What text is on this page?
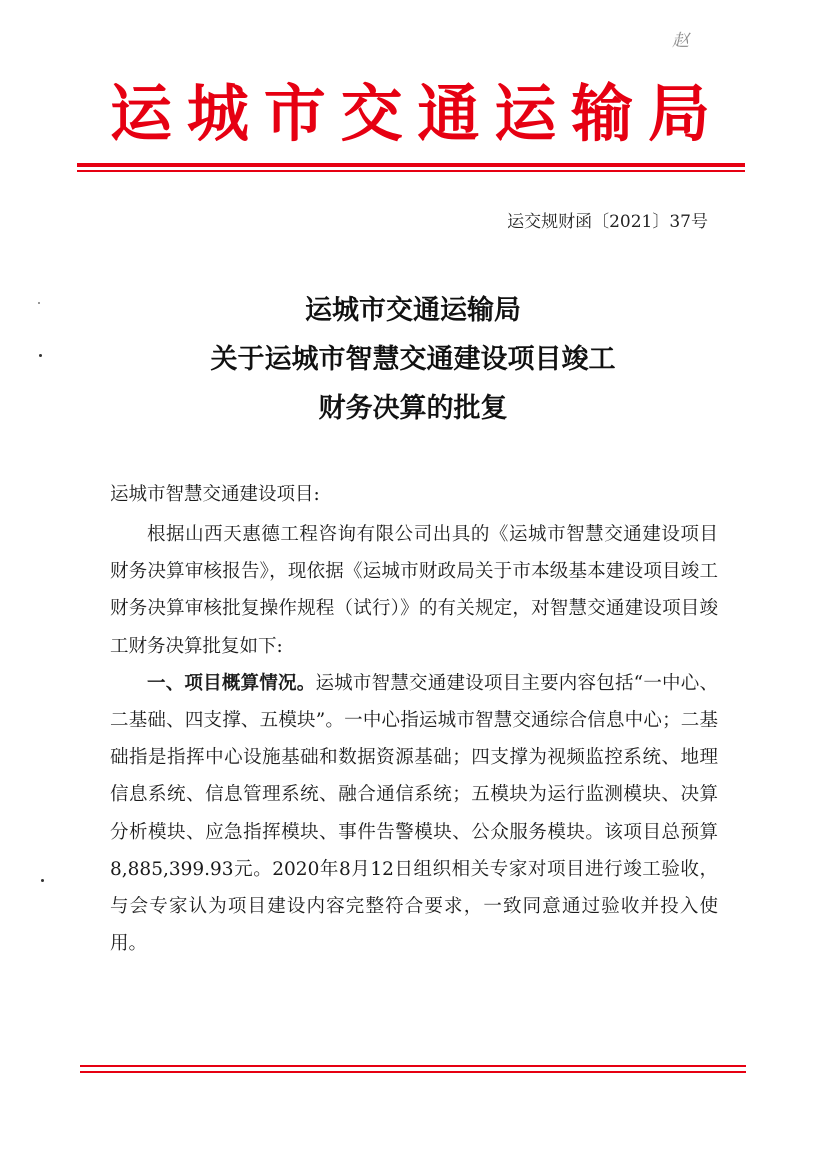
赵
运城市交通运输局
运交规财函〔2021〕37号
运城市交通运输局
关于运城市智慧交通建设项目竣工
财务决算的批复
运城市智慧交通建设项目:

根据山西天惠德工程咨询有限公司出具的《运城市智慧交通建设项目财务决算审核报告》，现依据《运城市财政局关于市本级基本建设项目竣工财务决算审核批复操作规程（试行）》的有关规定，对智慧交通建设项目竣工财务决算批复如下:

一、项目概算情况。运城市智慧交通建设项目主要内容包括“一中心、二基础、四支撑、五模块”。一中心指运城市智慧交通综合信息中心；二基础指是指挥中心设施基础和数据资源基础；四支撑为视频监控系统、地理信息系统、信息管理系统、融合通信系统；五模块为运行监测模块、决算分析模块、应急指挥模块、事件告警模块、公众服务模块。该项目总预算8,885,399.93元。2020年8月12日组织相关专家对项目进行竣工验收，与会专家认为项目建设内容完整符合要求，一致同意通过验收并投入使用。
